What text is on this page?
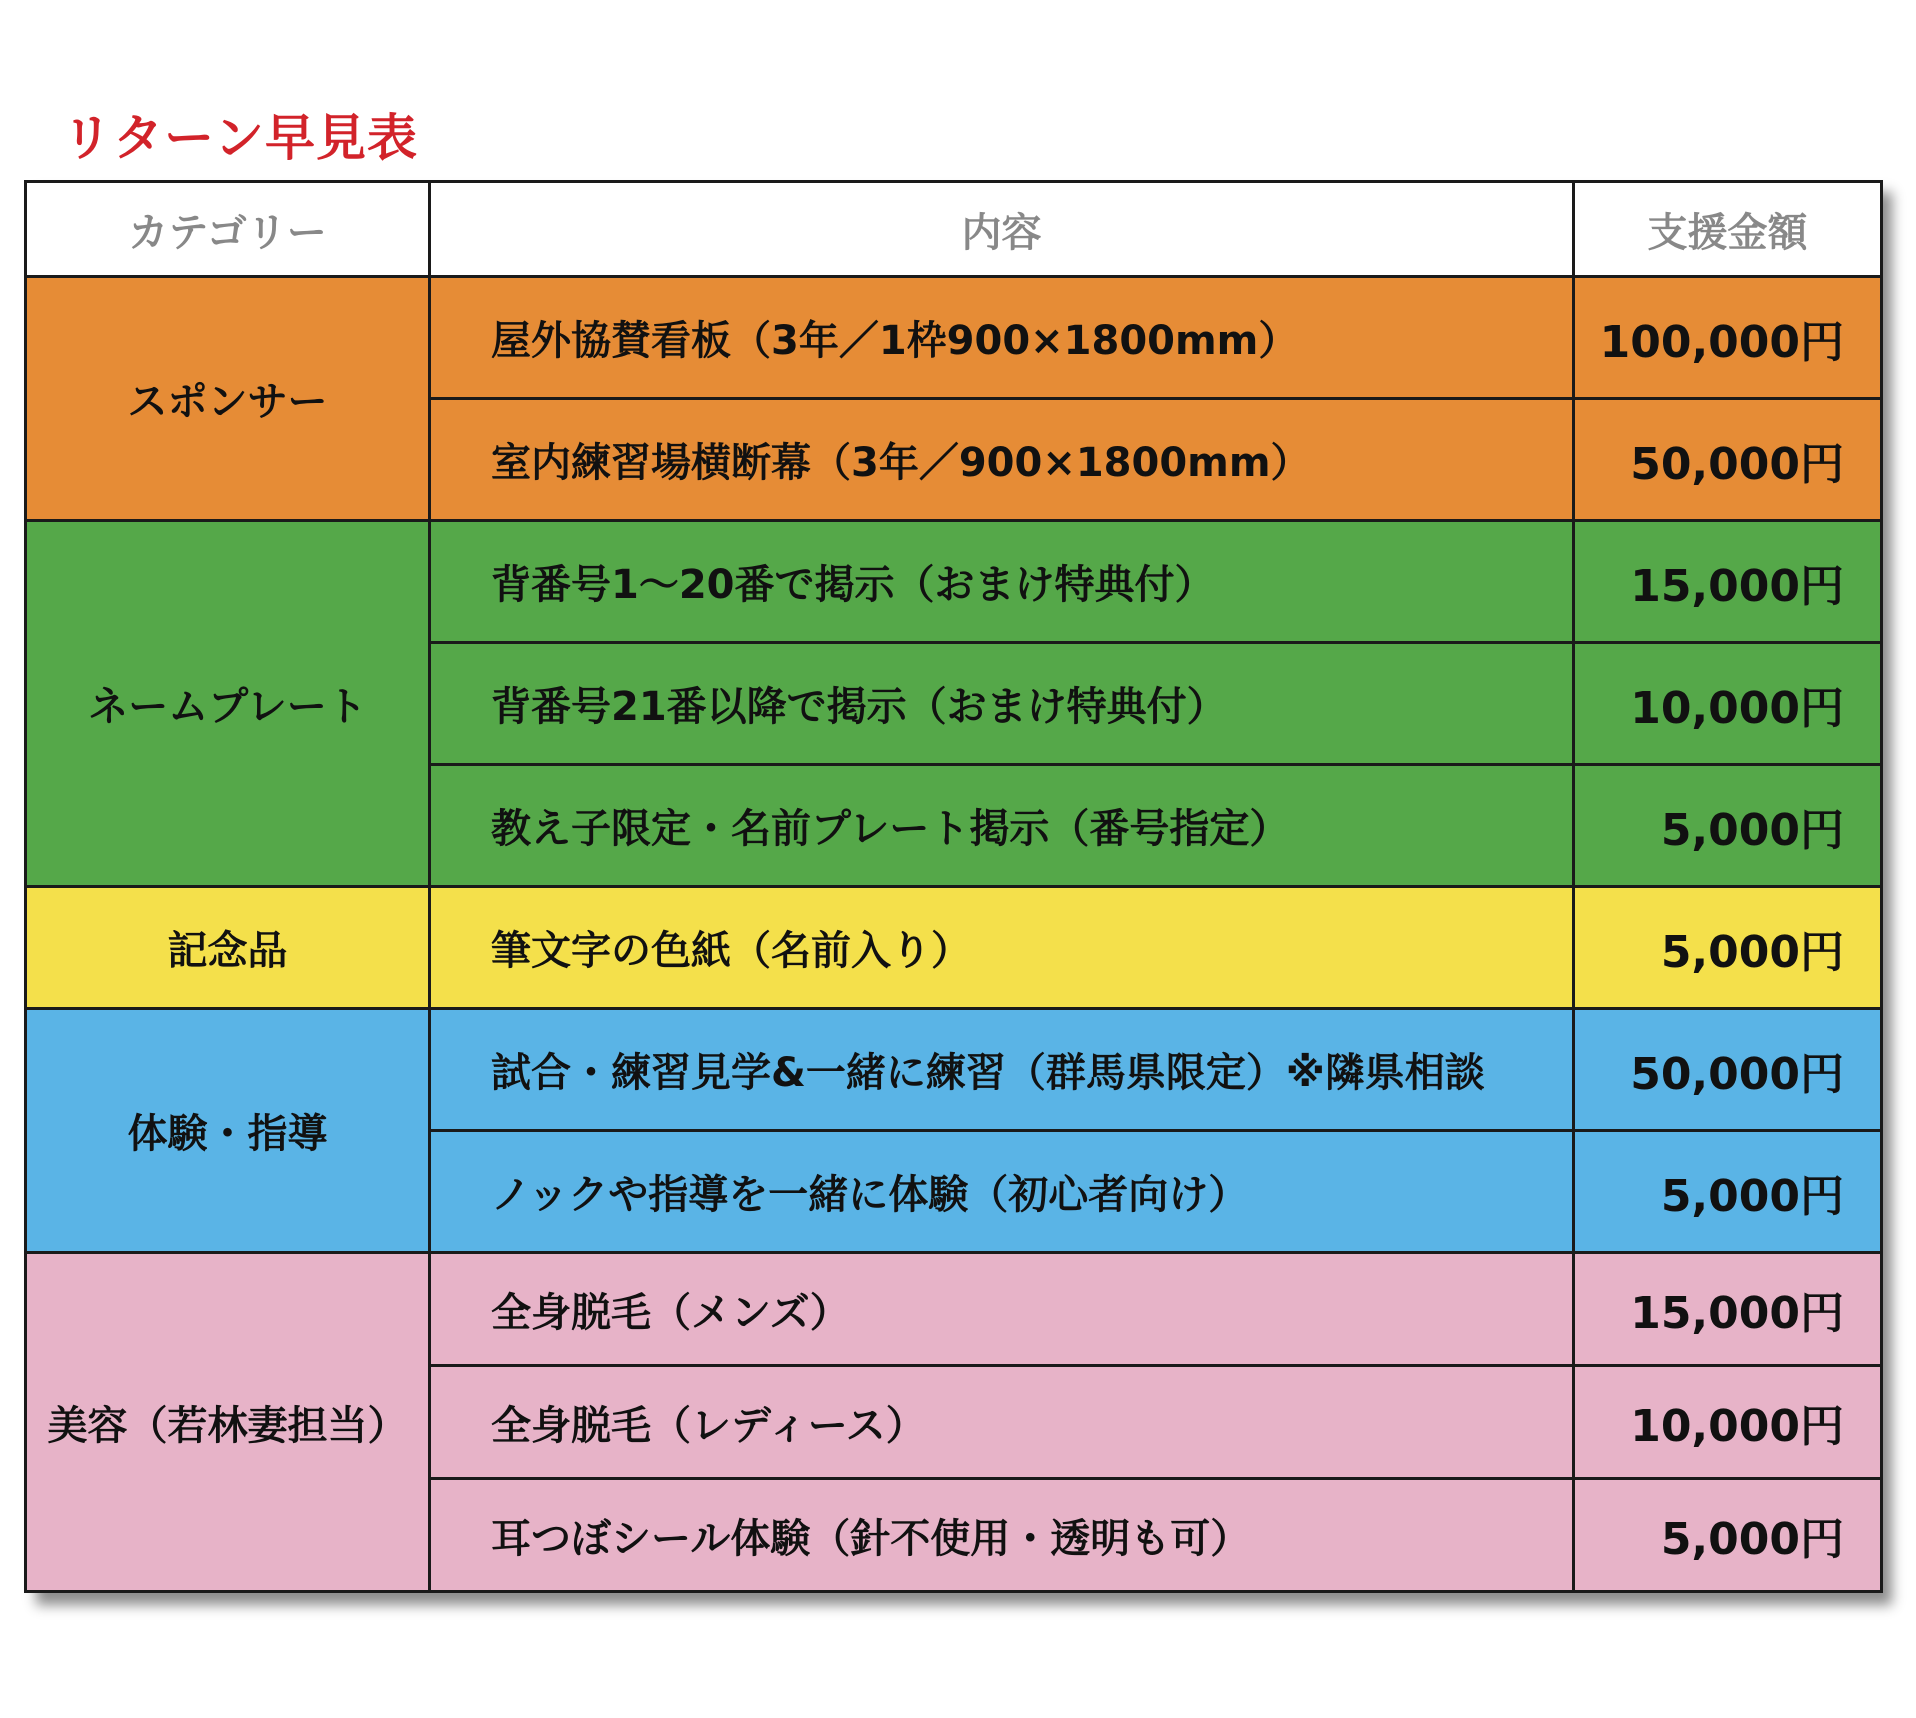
リターン早見表
カテゴリー	内容	支援金額
スポンサー	屋外協賛看板（3年／1枠900×1800mm）	100,000円
	室内練習場横断幕（3年／900×1800mm）	50,000円
ネームプレート	背番号1～20番で掲示（おまけ特典付）	15,000円
	背番号21番以降で掲示（おまけ特典付）	10,000円
	教え子限定・名前プレート掲示（番号指定）	5,000円
記念品	筆文字の色紙（名前入り）	5,000円
体験・指導	試合・練習見学&一緒に練習（群馬県限定）※隣県相談	50,000円
	ノックや指導を一緒に体験（初心者向け）	5,000円
美容（若林妻担当）	全身脱毛（メンズ）	15,000円
	全身脱毛（レディース）	10,000円
	耳つぼシール体験（針不使用・透明も可）	5,000円
